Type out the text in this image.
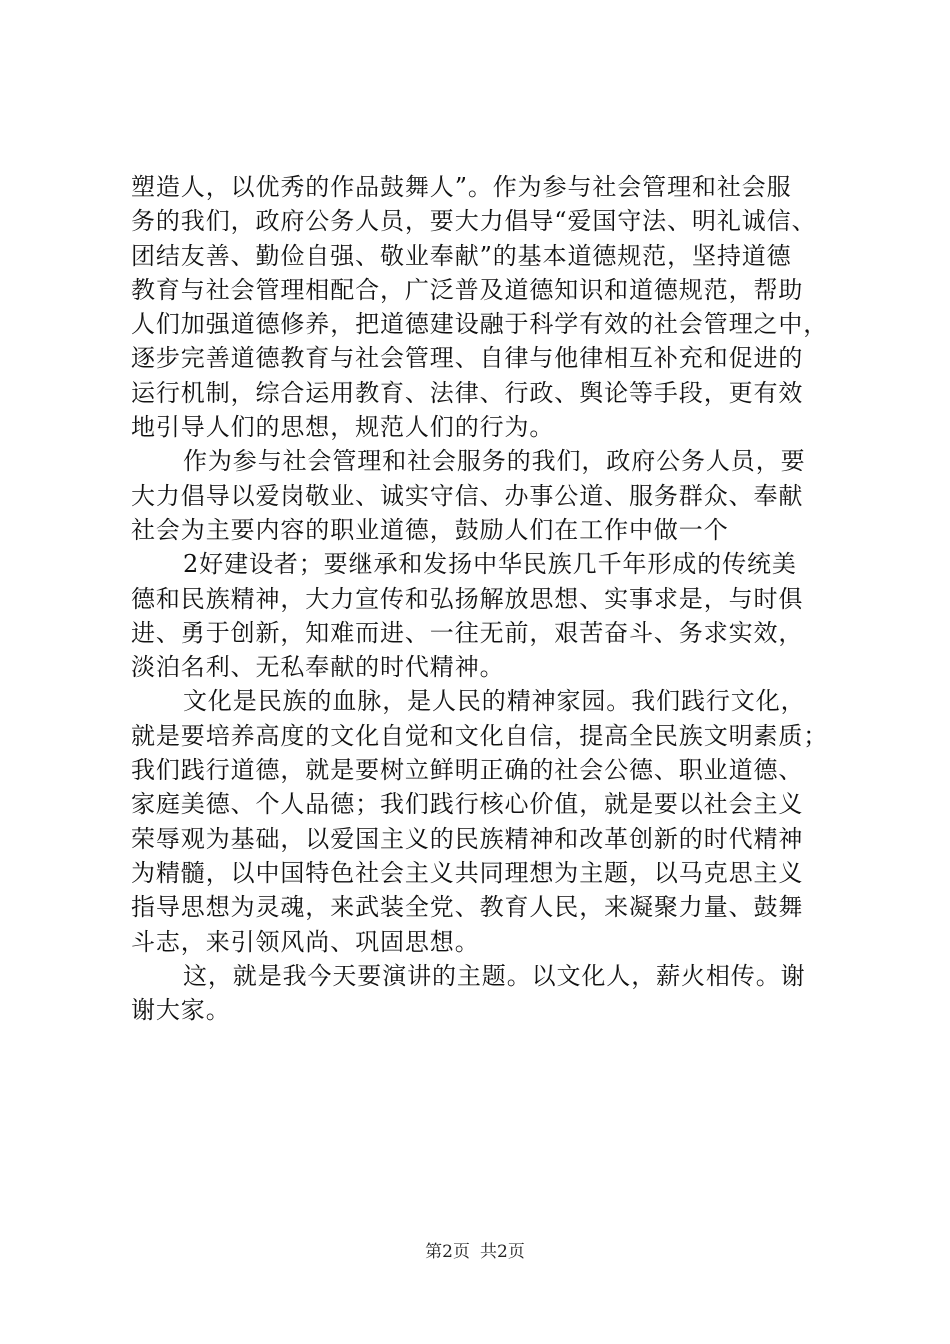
塑造人，以优秀的作品鼓舞人”。作为参与社会管理和社会服
务的我们，政府公务人员，要大力倡导“爱国守法、明礼诚信、
团结友善、勤俭自强、敬业奉献”的基本道德规范，坚持道德
教育与社会管理相配合，广泛普及道德知识和道德规范，帮助
人们加强道德修养，把道德建设融于科学有效的社会管理之中，
逐步完善道德教育与社会管理、自律与他律相互补充和促进的
运行机制，综合运用教育、法律、行政、舆论等手段，更有效
地引导人们的思想，规范人们的行为。
作为参与社会管理和社会服务的我们，政府公务人员，要
大力倡导以爱岗敬业、诚实守信、办事公道、服务群众、奉献
社会为主要内容的职业道德，鼓励人们在工作中做一个
2好建设者；要继承和发扬中华民族几千年形成的传统美
德和民族精神，大力宣传和弘扬解放思想、实事求是，与时俱
进、勇于创新，知难而进、一往无前，艰苦奋斗、务求实效，
淡泊名利、无私奉献的时代精神。
文化是民族的血脉，是人民的精神家园。我们践行文化，
就是要培养高度的文化自觉和文化自信，提高全民族文明素质；
我们践行道德，就是要树立鲜明正确的社会公德、职业道德、
家庭美德、个人品德；我们践行核心价值，就是要以社会主义
荣辱观为基础，以爱国主义的民族精神和改革创新的时代精神
为精髓，以中国特色社会主义共同理想为主题，以马克思主义
指导思想为灵魂，来武装全党、教育人民，来凝聚力量、鼓舞
斗志，来引领风尚、巩固思想。
这，就是我今天要演讲的主题。以文化人，薪火相传。谢
谢大家。
第2页 共2页
